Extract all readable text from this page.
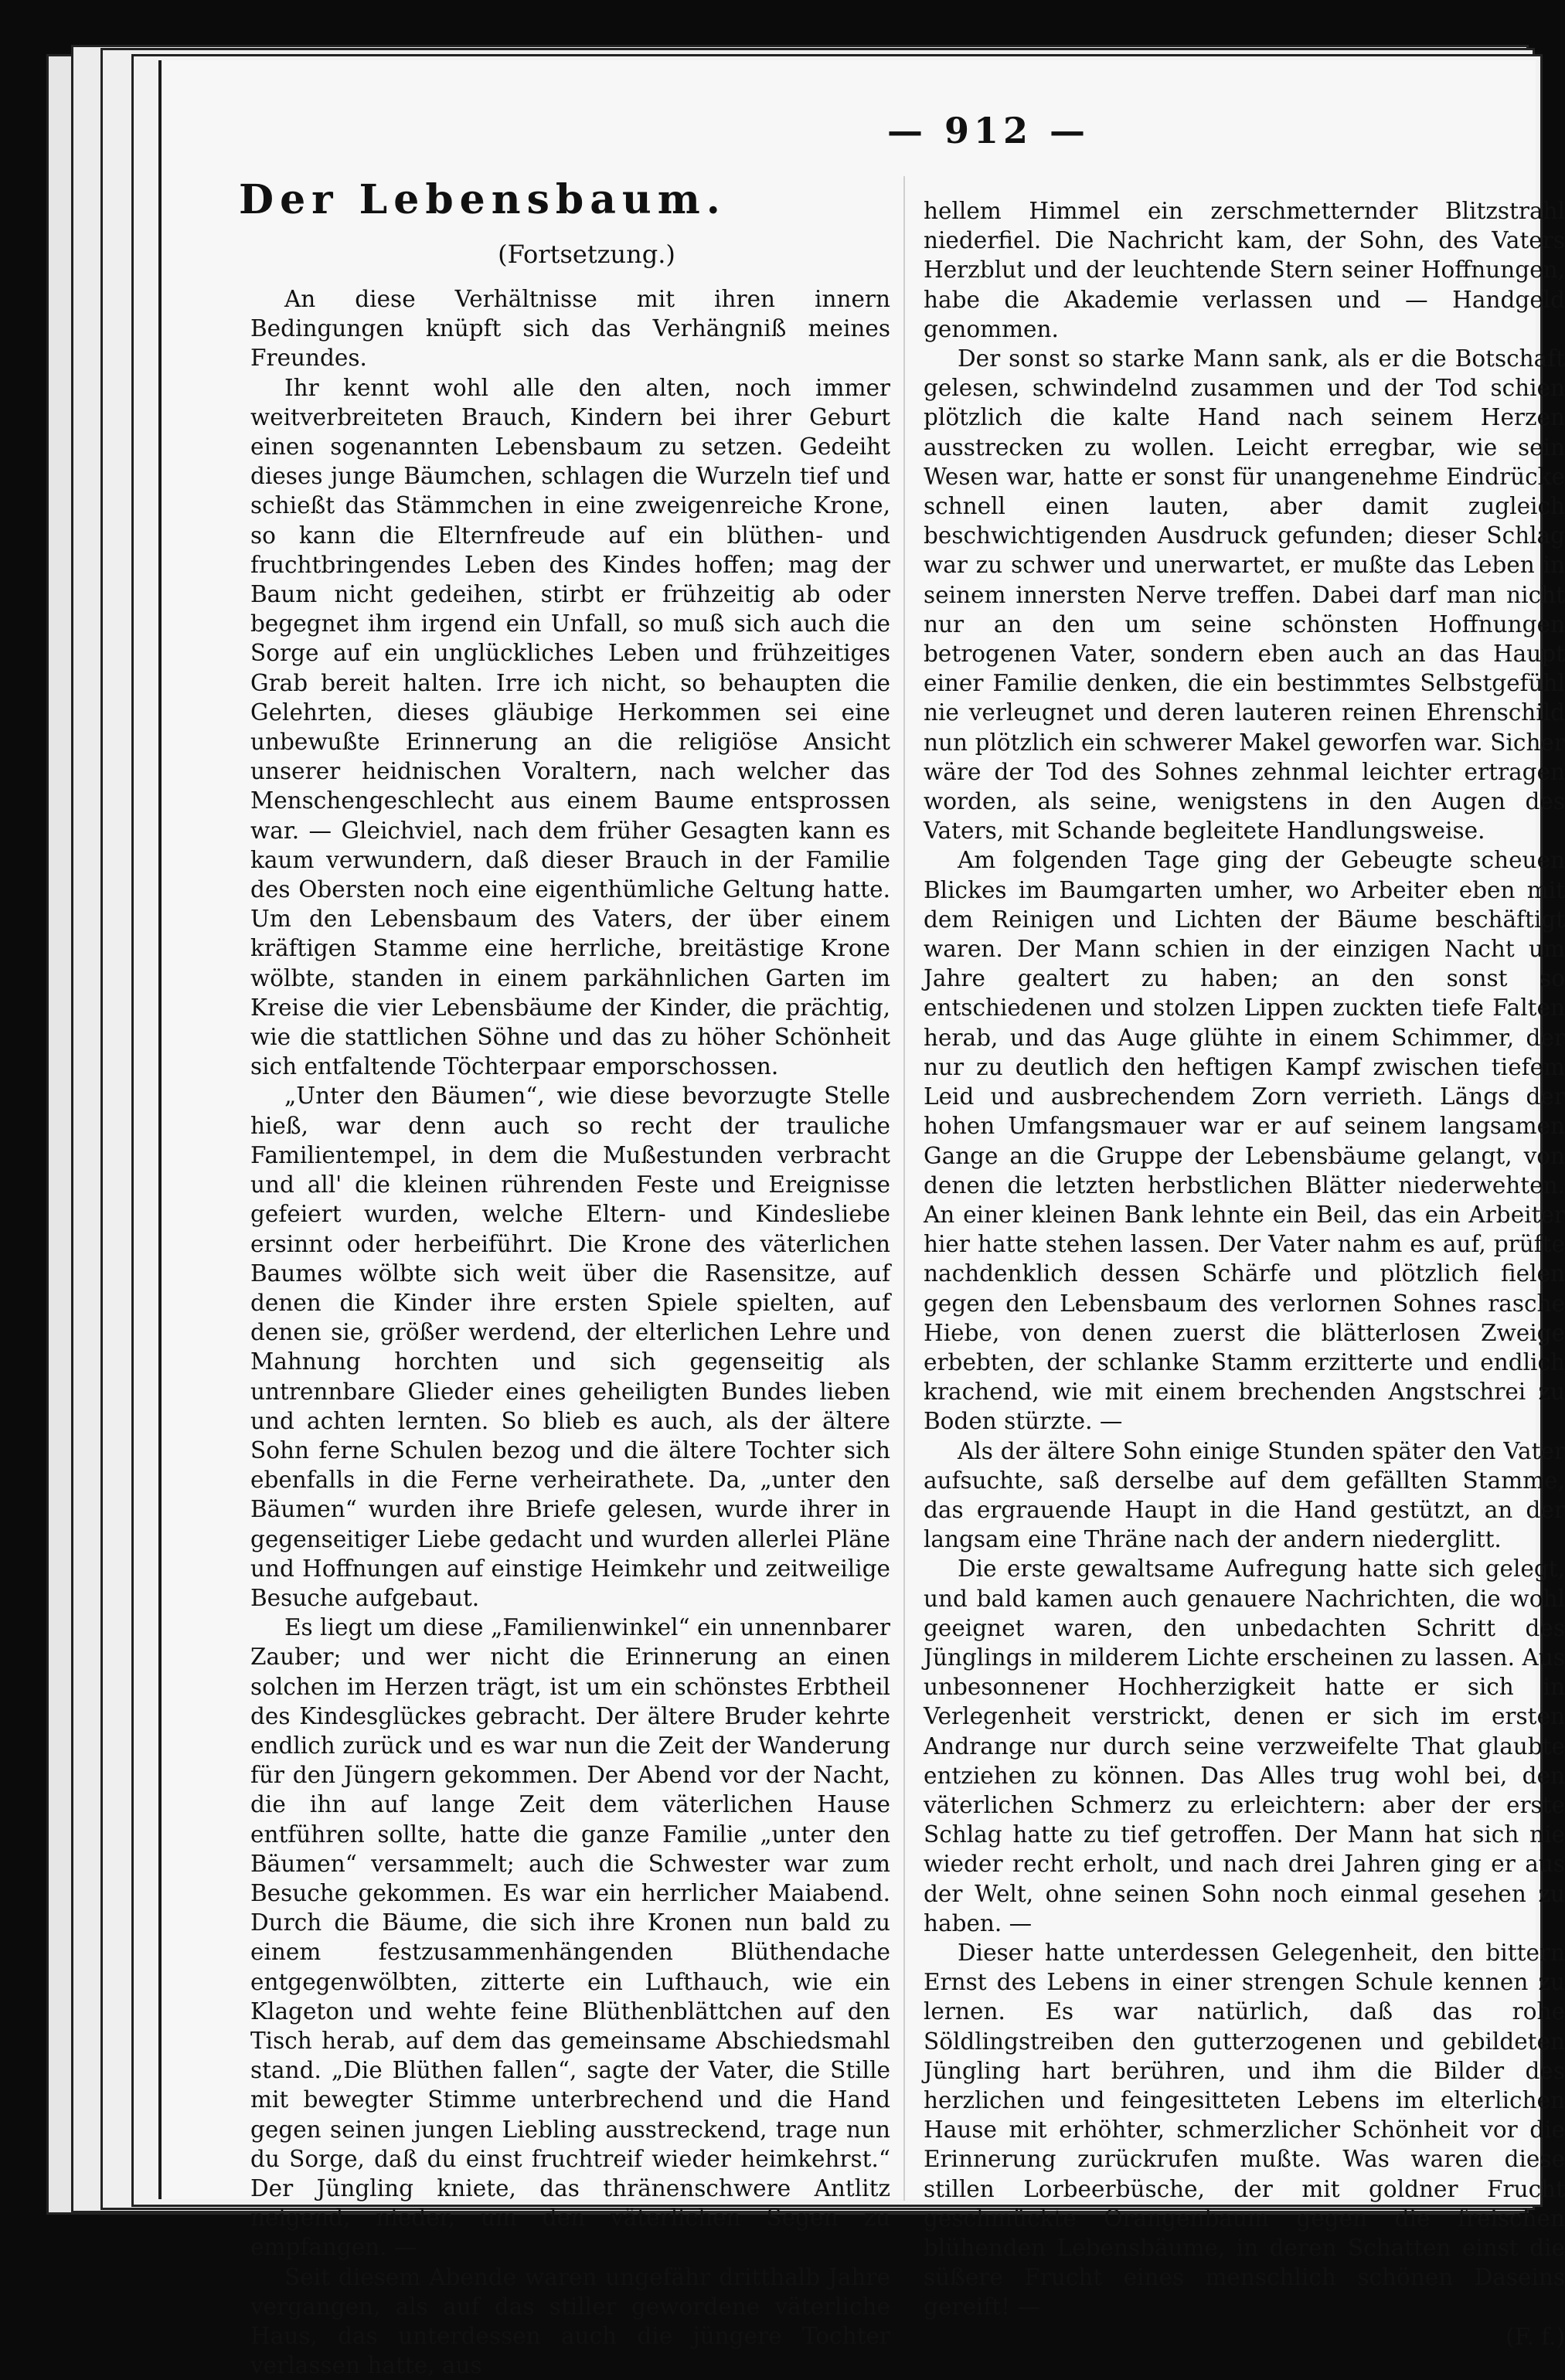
— 912 —
Der Lebensbaum.
(Fortsetzung.)

An diese Verhältnisse mit ihren innern Bedingungen knüpft sich das Verhängniß meines Freundes.

Ihr kennt wohl alle den alten, noch immer weitverbreiteten Brauch, Kindern bei ihrer Geburt einen sogenannten Lebensbaum zu setzen. Gedeiht dieses junge Bäumchen, schlagen die Wurzeln tief und schießt das Stämmchen in eine zweigenreiche Krone, so kann die Elternfreude auf ein blüthen- und fruchtbringendes Leben des Kindes hoffen; mag der Baum nicht gedeihen, stirbt er frühzeitig ab oder begegnet ihm irgend ein Unfall, so muß sich auch die Sorge auf ein unglückliches Leben und frühzeitiges Grab bereit halten. Irre ich nicht, so behaupten die Gelehrten, dieses gläubige Herkommen sei eine unbewußte Erinnerung an die religiöse Ansicht unserer heidnischen Voraltern, nach welcher das Menschengeschlecht aus einem Baume entsprossen war. — Gleichviel, nach dem früher Gesagten kann es kaum verwundern, daß dieser Brauch in der Familie des Obersten noch eine eigenthümliche Geltung hatte. Um den Lebensbaum des Vaters, der über einem kräftigen Stamme eine herrliche, breitästige Krone wölbte, standen in einem parkähnlichen Garten im Kreise die vier Lebensbäume der Kinder, die prächtig, wie die stattlichen Söhne und das zu höher Schönheit sich entfaltende Töchterpaar emporschossen.

„Unter den Bäumen“, wie diese bevorzugte Stelle hieß, war denn auch so recht der trauliche Familientempel, in dem die Mußestunden verbracht und all' die kleinen rührenden Feste und Ereignisse gefeiert wurden, welche Eltern- und Kindesliebe ersinnt oder herbeiführt. Die Krone des väterlichen Baumes wölbte sich weit über die Rasensitze, auf denen die Kinder ihre ersten Spiele spielten, auf denen sie, größer werdend, der elterlichen Lehre und Mahnung horchten und sich gegenseitig als untrennbare Glieder eines geheiligten Bundes lieben und achten lernten. So blieb es auch, als der ältere Sohn ferne Schulen bezog und die ältere Tochter sich ebenfalls in die Ferne verheirathete. Da, „unter den Bäumen“ wurden ihre Briefe gelesen, wurde ihrer in gegenseitiger Liebe gedacht und wurden allerlei Pläne und Hoffnungen auf einstige Heimkehr und zeitweilige Besuche aufgebaut.

Es liegt um diese „Familienwinkel“ ein unnennbarer Zauber; und wer nicht die Erinnerung an einen solchen im Herzen trägt, ist um ein schönstes Erbtheil des Kindesglückes gebracht. Der ältere Bruder kehrte endlich zurück und es war nun die Zeit der Wanderung für den Jüngern gekommen. Der Abend vor der Nacht, die ihn auf lange Zeit dem väterlichen Hause entführen sollte, hatte die ganze Familie „unter den Bäumen“ versammelt; auch die Schwester war zum Besuche gekommen. Es war ein herrlicher Maiabend. Durch die Bäume, die sich ihre Kronen nun bald zu einem festzusammenhängenden Blüthendache entgegenwölbten, zitterte ein Lufthauch, wie ein Klageton und wehte feine Blüthenblättchen auf den Tisch herab, auf dem das gemeinsame Abschiedsmahl stand. „Die Blüthen fallen“, sagte der Vater, die Stille mit bewegter Stimme unterbrechend und die Hand gegen seinen jungen Liebling ausstreckend, trage nun du Sorge, daß du einst fruchtreif wieder heimkehrst.“ Der Jüngling kniete, das thränenschwere Antlitz neigend, nieder, um den väterlichen Segen zu empfangen. —

Seit diesem Abende waren ungefähr dritthalb Jahre vergangen, als auf das stiller gewordene väterliche Haus, das unterdessen auch die jüngere Tochter verlassen hatte, aus

hellem Himmel ein zerschmetternder Blitzstrahl niederfiel. Die Nachricht kam, der Sohn, des Vaters Herzblut und der leuchtende Stern seiner Hoffnungen, habe die Akademie verlassen und — Handgeld genommen.

Der sonst so starke Mann sank, als er die Botschaft gelesen, schwindelnd zusammen und der Tod schien plötzlich die kalte Hand nach seinem Herzen ausstrecken zu wollen. Leicht erregbar, wie sein Wesen war, hatte er sonst für unangenehme Eindrücke schnell einen lauten, aber damit zugleich beschwichtigenden Ausdruck gefunden; dieser Schlag war zu schwer und unerwartet, er mußte das Leben in seinem innersten Nerve treffen. Dabei darf man nicht nur an den um seine schönsten Hoffnungen betrogenen Vater, sondern eben auch an das Haupt einer Familie denken, die ein bestimmtes Selbstgefühl nie verleugnet und deren lauteren reinen Ehrenschild nun plötzlich ein schwerer Makel geworfen war. Sicher wäre der Tod des Sohnes zehnmal leichter ertragen worden, als seine, wenigstens in den Augen des Vaters, mit Schande begleitete Handlungsweise.

Am folgenden Tage ging der Gebeugte scheuen Blickes im Baumgarten umher, wo Arbeiter eben mit dem Reinigen und Lichten der Bäume beschäftigt waren. Der Mann schien in der einzigen Nacht um Jahre gealtert zu haben; an den sonst so entschiedenen und stolzen Lippen zuckten tiefe Falten herab, und das Auge glühte in einem Schimmer, der nur zu deutlich den heftigen Kampf zwischen tiefem Leid und ausbrechendem Zorn verrieth. Längs der hohen Umfangsmauer war er auf seinem langsamen Gange an die Gruppe der Lebensbäume gelangt, von denen die letzten herbstlichen Blätter niederwehten. An einer kleinen Bank lehnte ein Beil, das ein Arbeiter hier hatte stehen lassen. Der Vater nahm es auf, prüfte nachdenklich dessen Schärfe und plötzlich fielen gegen den Lebensbaum des verlornen Sohnes rasche Hiebe, von denen zuerst die blätterlosen Zweige erbebten, der schlanke Stamm erzitterte und endlich krachend, wie mit einem brechenden Angstschrei zu Boden stürzte. —

Als der ältere Sohn einige Stunden später den Vater aufsuchte, saß derselbe auf dem gefällten Stamme, das ergrauende Haupt in die Hand gestützt, an der langsam eine Thräne nach der andern niederglitt.

Die erste gewaltsame Aufregung hatte sich gelegt, und bald kamen auch genauere Nachrichten, die wohl geeignet waren, den unbedachten Schritt des Jünglings in milderem Lichte erscheinen zu lassen. Aus unbesonnener Hochherzigkeit hatte er sich in Verlegenheit verstrickt, denen er sich im ersten Andrange nur durch seine verzweifelte That glaubte entziehen zu können. Das Alles trug wohl bei, den väterlichen Schmerz zu erleichtern: aber der erste Schlag hatte zu tief getroffen. Der Mann hat sich nie wieder recht erholt, und nach drei Jahren ging er aus der Welt, ohne seinen Sohn noch einmal gesehen zu haben. —

Dieser hatte unterdessen Gelegenheit, den bittern Ernst des Lebens in einer strengen Schule kennen zu lernen. Es war natürlich, daß das rohe Söldlingstreiben den gutterzogenen und gebildeten Jüngling hart berühren, und ihm die Bilder des herzlichen und feingesitteten Lebens im elterlichen Hause mit erhöhter, schmerzlicher Schönheit vor die Erinnerung zurückrufen mußte. Was waren diese stillen Lorbeerbüsche, der mit goldner Frucht geschmückte Orangenbaum gegen die freischen blühenden Lebensbäume, in deren Schatten einst die süßere Frucht eines menschlich schönen Daseins gereift! —

(F. f.)
